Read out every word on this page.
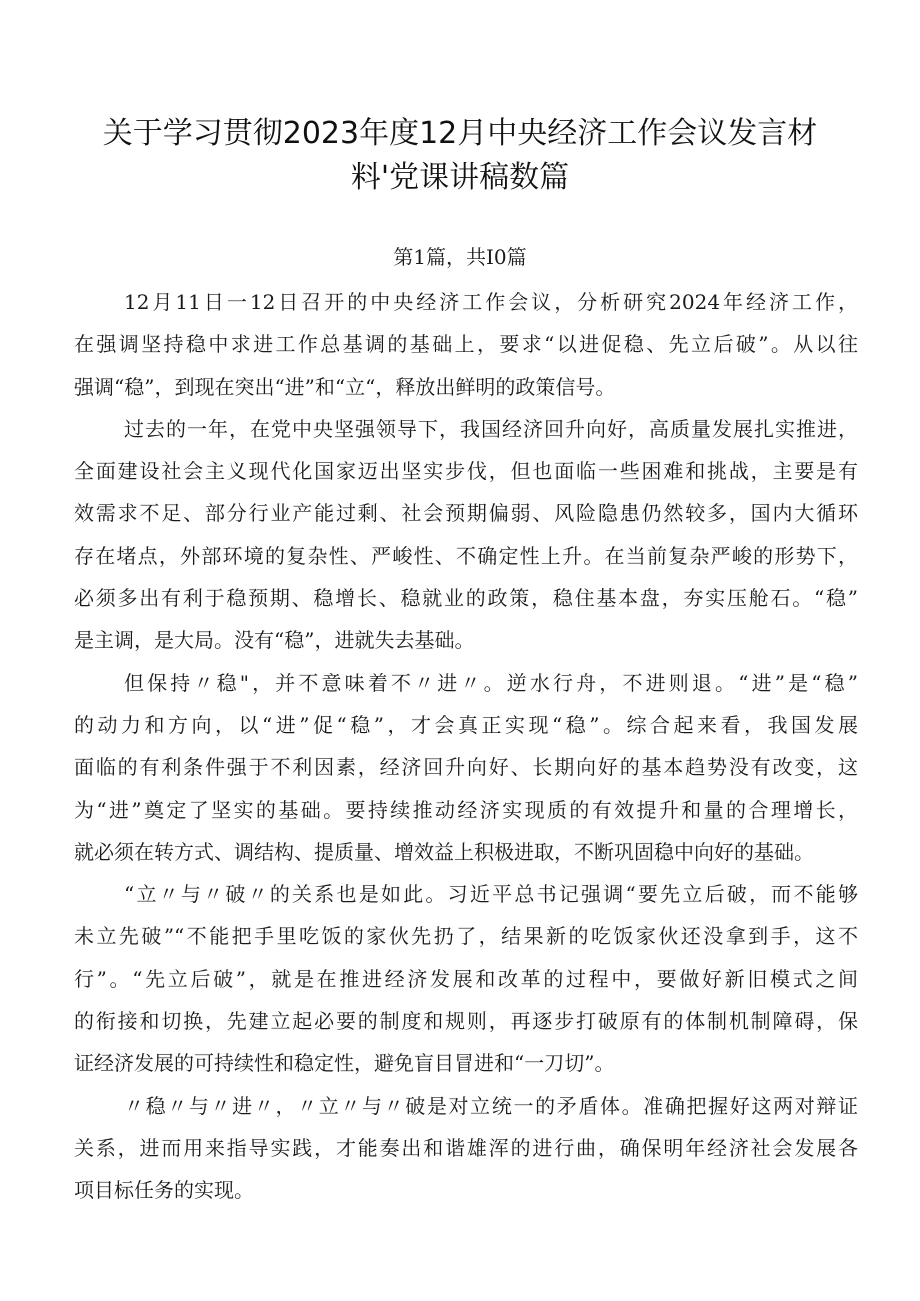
关于学习贯彻2023年度12月中央经济工作会议发言材
料'党课讲稿数篇
第1篇，共I0篇
12月11日一12日召开的中央经济工作会议，分析研究2024年经济工作，
在强调坚持稳中求进工作总基调的基础上，要求“以进促稳、先立后破”。从以往
强调“稳”，到现在突出“进”和“立“，释放出鲜明的政策信号。
过去的一年，在党中央坚强领导下，我国经济回升向好，高质量发展扎实推进，
全面建设社会主义现代化国家迈出坚实步伐，但也面临一些困难和挑战，主要是有
效需求不足、部分行业产能过剩、社会预期偏弱、风险隐患仍然较多，国内大循环
存在堵点，外部环境的复杂性、严峻性、不确定性上升。在当前复杂严峻的形势下，
必须多出有利于稳预期、稳增长、稳就业的政策，稳住基本盘，夯实压舱石。“稳”
是主调，是大局。没有“稳”，进就失去基础。
但保持〃稳"，并不意味着不〃进〃。逆水行舟，不进则退。“进”是“稳”
的动力和方向，以“进”促“稳”，才会真正实现“稳”。综合起来看，我国发展
面临的有利条件强于不利因素，经济回升向好、长期向好的基本趋势没有改变，这
为“进”奠定了坚实的基础。要持续推动经济实现质的有效提升和量的合理增长，
就必须在转方式、调结构、提质量、增效益上积极进取，不断巩固稳中向好的基础。
“立〃与〃破〃的关系也是如此。习近平总书记强调“要先立后破，而不能够
未立先破”“不能把手里吃饭的家伙先扔了，结果新的吃饭家伙还没拿到手，这不
行”。“先立后破”，就是在推进经济发展和改革的过程中，要做好新旧模式之间
的衔接和切换，先建立起必要的制度和规则，再逐步打破原有的体制机制障碍，保
证经济发展的可持续性和稳定性，避免盲目冒进和“一刀切”。
〃稳〃与〃进〃，〃立〃与〃破是对立统一的矛盾体。准确把握好这两对辩证
关系，进而用来指导实践，才能奏出和谐雄浑的进行曲，确保明年经济社会发展各
项目标任务的实现。
